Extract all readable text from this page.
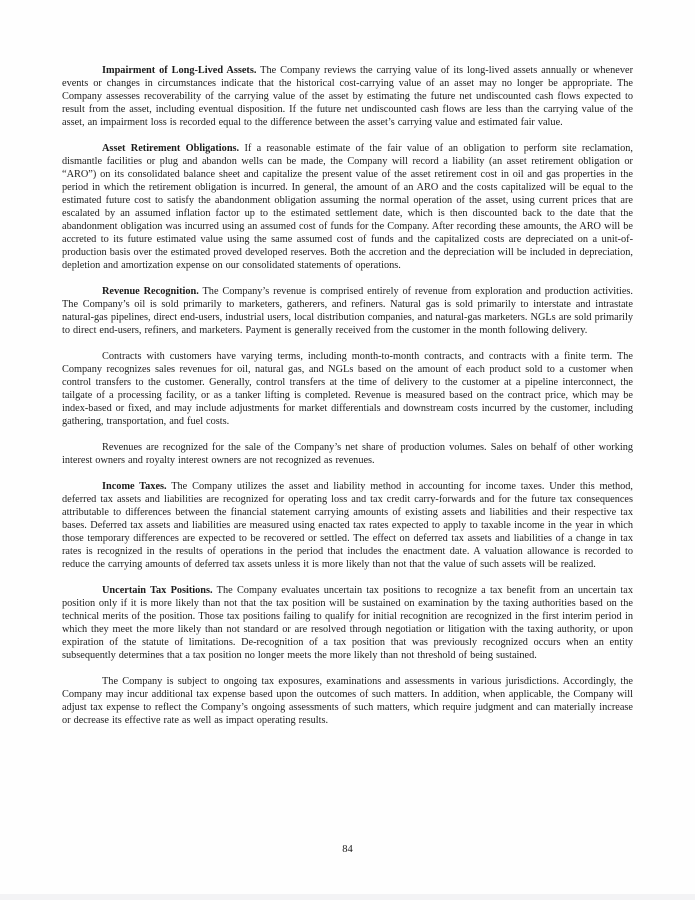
Impairment of Long-Lived Assets. The Company reviews the carrying value of its long-lived assets annually or whenever events or changes in circumstances indicate that the historical cost-carrying value of an asset may no longer be appropriate. The Company assesses recoverability of the carrying value of the asset by estimating the future net undiscounted cash flows expected to result from the asset, including eventual disposition. If the future net undiscounted cash flows are less than the carrying value of the asset, an impairment loss is recorded equal to the difference between the asset’s carrying value and estimated fair value.

Asset Retirement Obligations. If a reasonable estimate of the fair value of an obligation to perform site reclamation, dismantle facilities or plug and abandon wells can be made, the Company will record a liability (an asset retirement obligation or “ARO”) on its consolidated balance sheet and capitalize the present value of the asset retirement cost in oil and gas properties in the period in which the retirement obligation is incurred. In general, the amount of an ARO and the costs capitalized will be equal to the estimated future cost to satisfy the abandonment obligation assuming the normal operation of the asset, using current prices that are escalated by an assumed inflation factor up to the estimated settlement date, which is then discounted back to the date that the abandonment obligation was incurred using an assumed cost of funds for the Company. After recording these amounts, the ARO will be accreted to its future estimated value using the same assumed cost of funds and the capitalized costs are depreciated on a unit-of-production basis over the estimated proved developed reserves. Both the accretion and the depreciation will be included in depreciation, depletion and amortization expense on our consolidated statements of operations.

Revenue Recognition. The Company’s revenue is comprised entirely of revenue from exploration and production activities. The Company’s oil is sold primarily to marketers, gatherers, and refiners. Natural gas is sold primarily to interstate and intrastate natural-gas pipelines, direct end-users, industrial users, local distribution companies, and natural-gas marketers. NGLs are sold primarily to direct end-users, refiners, and marketers. Payment is generally received from the customer in the month following delivery.

Contracts with customers have varying terms, including month-to-month contracts, and contracts with a finite term. The Company recognizes sales revenues for oil, natural gas, and NGLs based on the amount of each product sold to a customer when control transfers to the customer. Generally, control transfers at the time of delivery to the customer at a pipeline interconnect, the tailgate of a processing facility, or as a tanker lifting is completed. Revenue is measured based on the contract price, which may be index-based or fixed, and may include adjustments for market differentials and downstream costs incurred by the customer, including gathering, transportation, and fuel costs.

Revenues are recognized for the sale of the Company’s net share of production volumes. Sales on behalf of other working interest owners and royalty interest owners are not recognized as revenues.

Income Taxes. The Company utilizes the asset and liability method in accounting for income taxes. Under this method, deferred tax assets and liabilities are recognized for operating loss and tax credit carry-forwards and for the future tax consequences attributable to differences between the financial statement carrying amounts of existing assets and liabilities and their respective tax bases. Deferred tax assets and liabilities are measured using enacted tax rates expected to apply to taxable income in the year in which those temporary differences are expected to be recovered or settled. The effect on deferred tax assets and liabilities of a change in tax rates is recognized in the results of operations in the period that includes the enactment date. A valuation allowance is recorded to reduce the carrying amounts of deferred tax assets unless it is more likely than not that the value of such assets will be realized.

Uncertain Tax Positions. The Company evaluates uncertain tax positions to recognize a tax benefit from an uncertain tax position only if it is more likely than not that the tax position will be sustained on examination by the taxing authorities based on the technical merits of the position. Those tax positions failing to qualify for initial recognition are recognized in the first interim period in which they meet the more likely than not standard or are resolved through negotiation or litigation with the taxing authority, or upon expiration of the statute of limitations. De-recognition of a tax position that was previously recognized occurs when an entity subsequently determines that a tax position no longer meets the more likely than not threshold of being sustained.

The Company is subject to ongoing tax exposures, examinations and assessments in various jurisdictions. Accordingly, the Company may incur additional tax expense based upon the outcomes of such matters. In addition, when applicable, the Company will adjust tax expense to reflect the Company’s ongoing assessments of such matters, which require judgment and can materially increase or decrease its effective rate as well as impact operating results.

84
